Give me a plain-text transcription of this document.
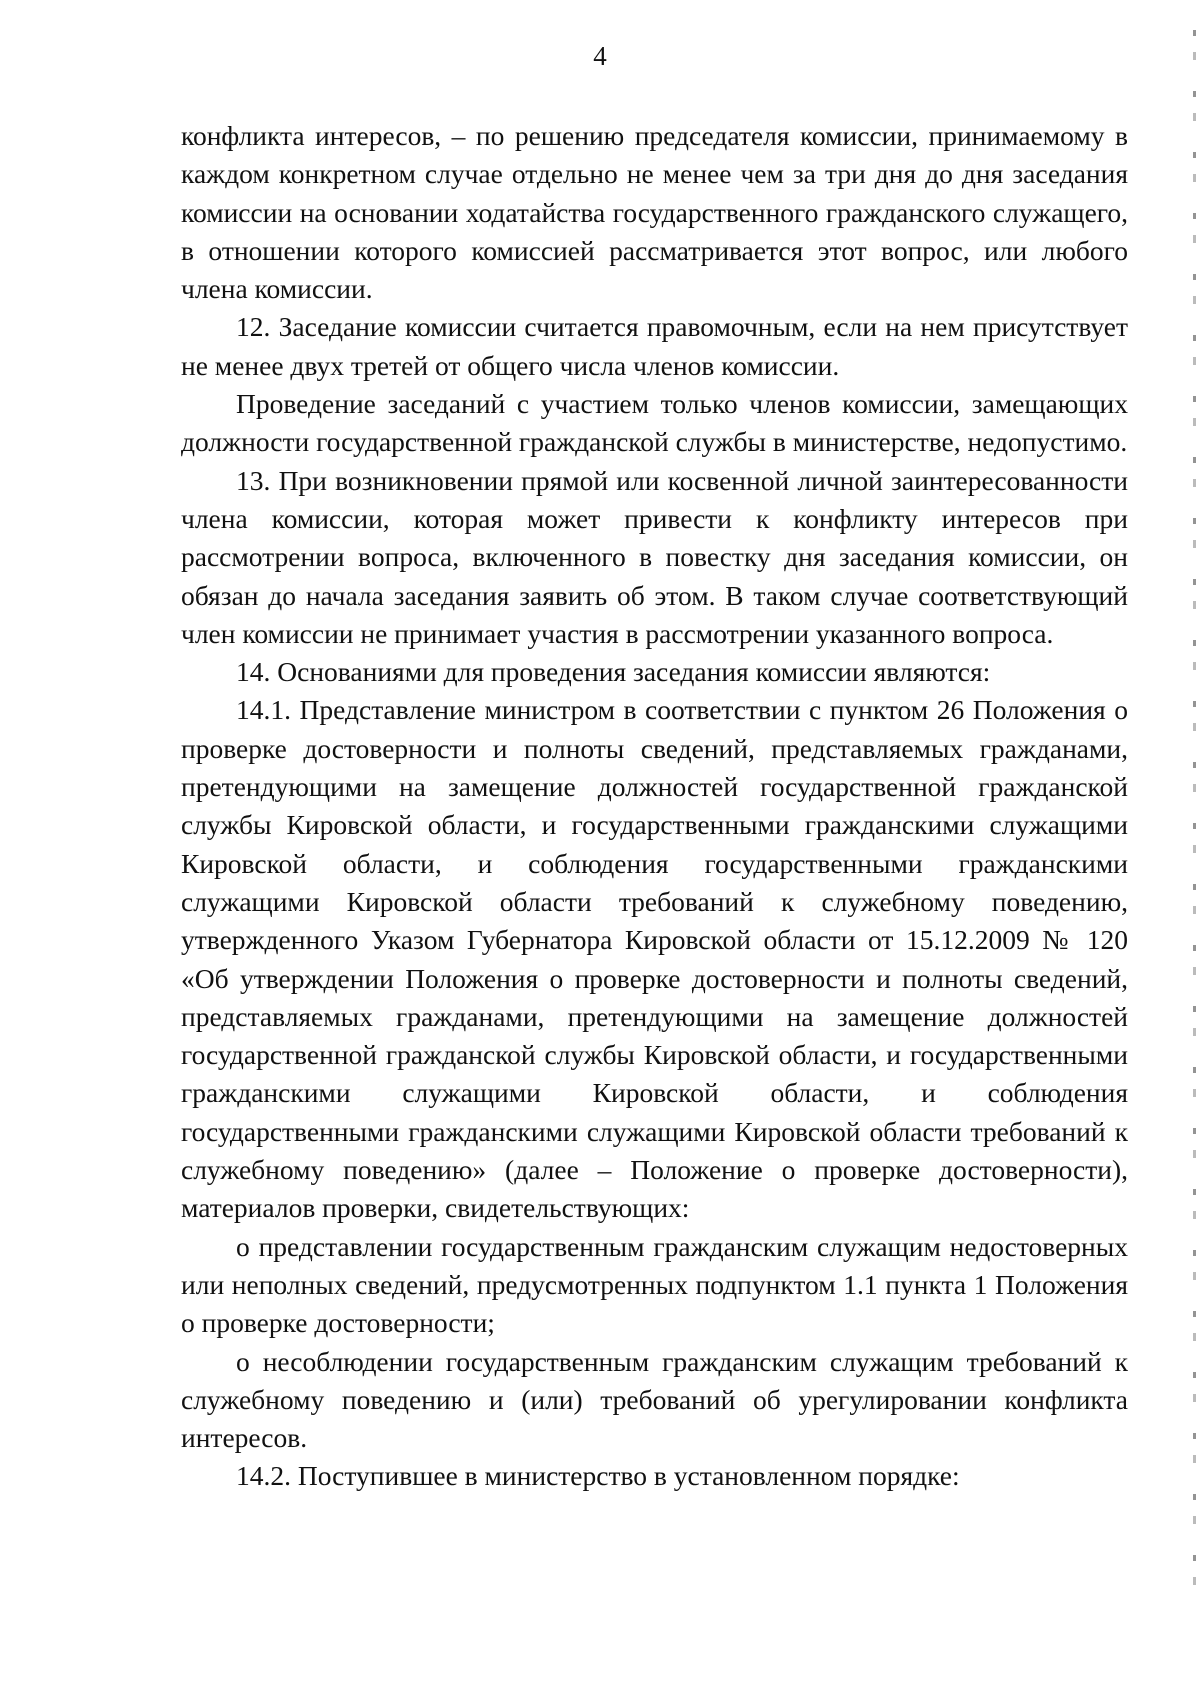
4

конфликта интересов, – по решению председателя комиссии, принимаемому в каждом конкретном случае отдельно не менее чем за три дня до дня заседания комиссии на основании ходатайства государственного гражданского служащего, в отношении которого комиссией рассматривается этот вопрос, или любого члена комиссии.

12. Заседание комиссии считается правомочным, если на нем присутствует не менее двух третей от общего числа членов комиссии.

Проведение заседаний с участием только членов комиссии, замещающих должности государственной гражданской службы в министерстве, недопустимо.

13. При возникновении прямой или косвенной личной заинтересованности члена комиссии, которая может привести к конфликту интересов при рассмотрении вопроса, включенного в повестку дня заседания комиссии, он обязан до начала заседания заявить об этом. В таком случае соответствующий член комиссии не принимает участия в рассмотрении указанного вопроса.

14. Основаниями для проведения заседания комиссии являются:

14.1. Представление министром в соответствии с пунктом 26 Положения о проверке достоверности и полноты сведений, представляемых гражданами, претендующими на замещение должностей государственной гражданской службы Кировской области, и государственными гражданскими служащими Кировской области, и соблюдения государственными гражданскими служащими Кировской области требований к служебному поведению, утвержденного Указом Губернатора Кировской области от 15.12.2009 № 120 «Об утверждении Положения о проверке достоверности и полноты сведений, представляемых гражданами, претендующими на замещение должностей государственной гражданской службы Кировской области, и государственными гражданскими служащими Кировской области, и соблюдения государственными гражданскими служащими Кировской области требований к служебному поведению» (далее – Положение о проверке достоверности), материалов проверки, свидетельствующих:

о представлении государственным гражданским служащим недостоверных или неполных сведений, предусмотренных подпунктом 1.1 пункта 1 Положения о проверке достоверности;

о несоблюдении государственным гражданским служащим требований к служебному поведению и (или) требований об урегулировании конфликта интересов.

14.2. Поступившее в министерство в установленном порядке:
